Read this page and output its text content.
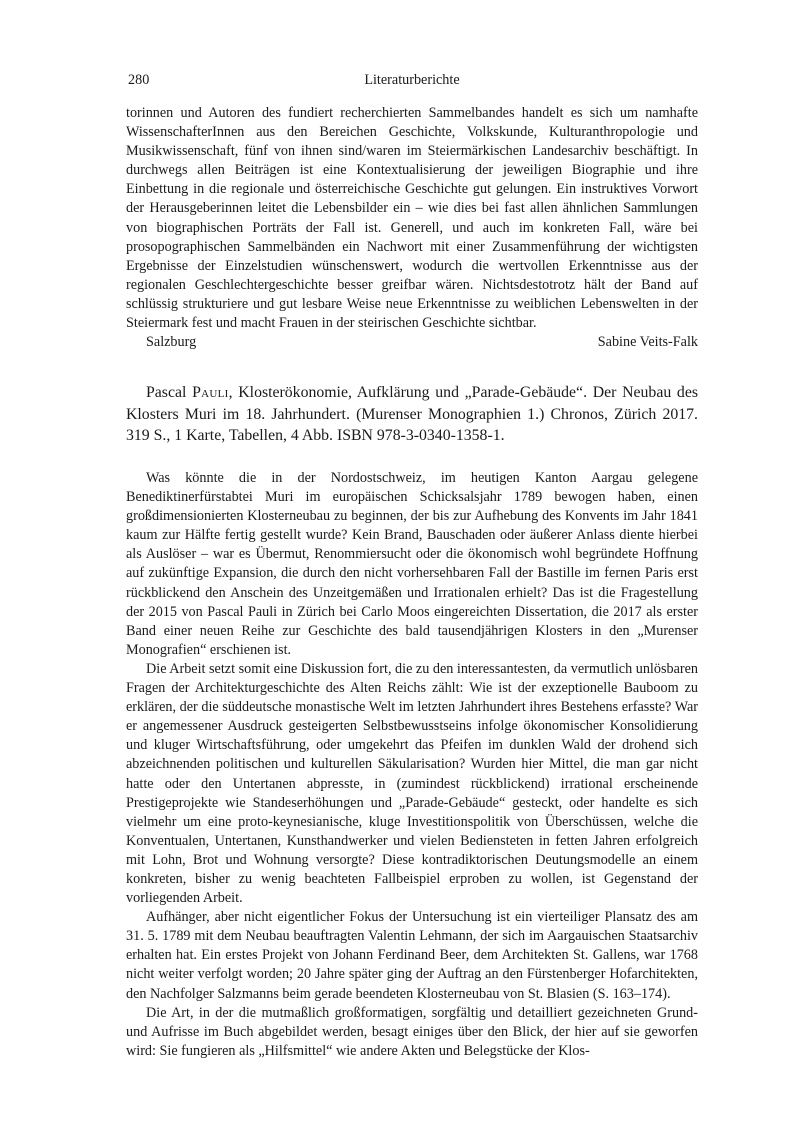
280	Literaturberichte

torinnen und Autoren des fundiert recherchierten Sammelbandes handelt es sich um namhafte WissenschafterInnen aus den Bereichen Geschichte, Volkskunde, Kulturanthropologie und Musikwissenschaft, fünf von ihnen sind/waren im Steiermärkischen Landesarchiv beschäftigt. In durchwegs allen Beiträgen ist eine Kontextualisierung der jeweiligen Biographie und ihre Einbettung in die regionale und österreichische Geschichte gut gelungen. Ein instruktives Vorwort der Herausgeberinnen leitet die Lebensbilder ein – wie dies bei fast allen ähnlichen Sammlungen von biographischen Porträts der Fall ist. Generell, und auch im konkreten Fall, wäre bei prosopographischen Sammelbänden ein Nachwort mit einer Zusammenführung der wichtigsten Ergebnisse der Einzelstudien wünschenswert, wodurch die wertvollen Erkenntnisse aus der regionalen Geschlechtergeschichte besser greifbar wären. Nichtsdestotrotz hält der Band auf schlüssig strukturiere und gut lesbare Weise neue Erkenntnisse zu weiblichen Lebenswelten in der Steiermark fest und macht Frauen in der steirischen Geschichte sichtbar.

Salzburg	Sabine Veits-Falk

Pascal Pauli, Klosterökonomie, Aufklärung und „Parade-Gebäude“. Der Neubau des Klosters Muri im 18. Jahrhundert. (Murenser Monographien 1.) Chronos, Zürich 2017. 319 S., 1 Karte, Tabellen, 4 Abb. ISBN 978-3-0340-1358-1.

Was könnte die in der Nordostschweiz, im heutigen Kanton Aargau gelegene Benediktinerfürstabtei Muri im europäischen Schicksalsjahr 1789 bewogen haben, einen großdimensionierten Klosterneubau zu beginnen, der bis zur Aufhebung des Konvents im Jahr 1841 kaum zur Hälfte fertig gestellt wurde? Kein Brand, Bauschaden oder äußerer Anlass diente hierbei als Auslöser – war es Übermut, Renommiersucht oder die ökonomisch wohl begründete Hoffnung auf zukünftige Expansion, die durch den nicht vorhersehbaren Fall der Bastille im fernen Paris erst rückblickend den Anschein des Unzeitgemäßen und Irrationalen erhielt? Das ist die Fragestellung der 2015 von Pascal Pauli in Zürich bei Carlo Moos eingereichten Dissertation, die 2017 als erster Band einer neuen Reihe zur Geschichte des bald tausendjährigen Klosters in den „Murenser Monografien“ erschienen ist.

Die Arbeit setzt somit eine Diskussion fort, die zu den interessantesten, da vermutlich unlösbaren Fragen der Architekturgeschichte des Alten Reichs zählt: Wie ist der exzeptionelle Bauboom zu erklären, der die süddeutsche monastische Welt im letzten Jahrhundert ihres Bestehens erfasste? War er angemessener Ausdruck gesteigerten Selbstbewusstseins infolge ökonomischer Konsolidierung und kluger Wirtschaftsführung, oder umgekehrt das Pfeifen im dunklen Wald der drohend sich abzeichnenden politischen und kulturellen Säkularisation? Wurden hier Mittel, die man gar nicht hatte oder den Untertanen abpresste, in (zumindest rückblickend) irrational erscheinende Prestigeprojekte wie Standeserhöhungen und „Parade-Gebäude“ gesteckt, oder handelte es sich vielmehr um eine proto-keynesianische, kluge Investitionspolitik von Überschüssen, welche die Konventualen, Untertanen, Kunsthandwerker und vielen Bediensteten in fetten Jahren erfolgreich mit Lohn, Brot und Wohnung versorgte? Diese kontradiktorischen Deutungsmodelle an einem konkreten, bisher zu wenig beachteten Fallbeispiel erproben zu wollen, ist Gegenstand der vorliegenden Arbeit.

Aufhänger, aber nicht eigentlicher Fokus der Untersuchung ist ein vierteiliger Plansatz des am 31. 5. 1789 mit dem Neubau beauftragten Valentin Lehmann, der sich im Aargauischen Staatsarchiv erhalten hat. Ein erstes Projekt von Johann Ferdinand Beer, dem Architekten St. Gallens, war 1768 nicht weiter verfolgt worden; 20 Jahre später ging der Auftrag an den Fürstenberger Hofarchitekten, den Nachfolger Salzmanns beim gerade beendeten Klosterneubau von St. Blasien (S. 163–174).

Die Art, in der die mutmaßlich großformatigen, sorgfältig und detailliert gezeichneten Grund- und Aufrisse im Buch abgebildet werden, besagt einiges über den Blick, der hier auf sie geworfen wird: Sie fungieren als „Hilfsmittel“ wie andere Akten und Belegstücke der Klos-
